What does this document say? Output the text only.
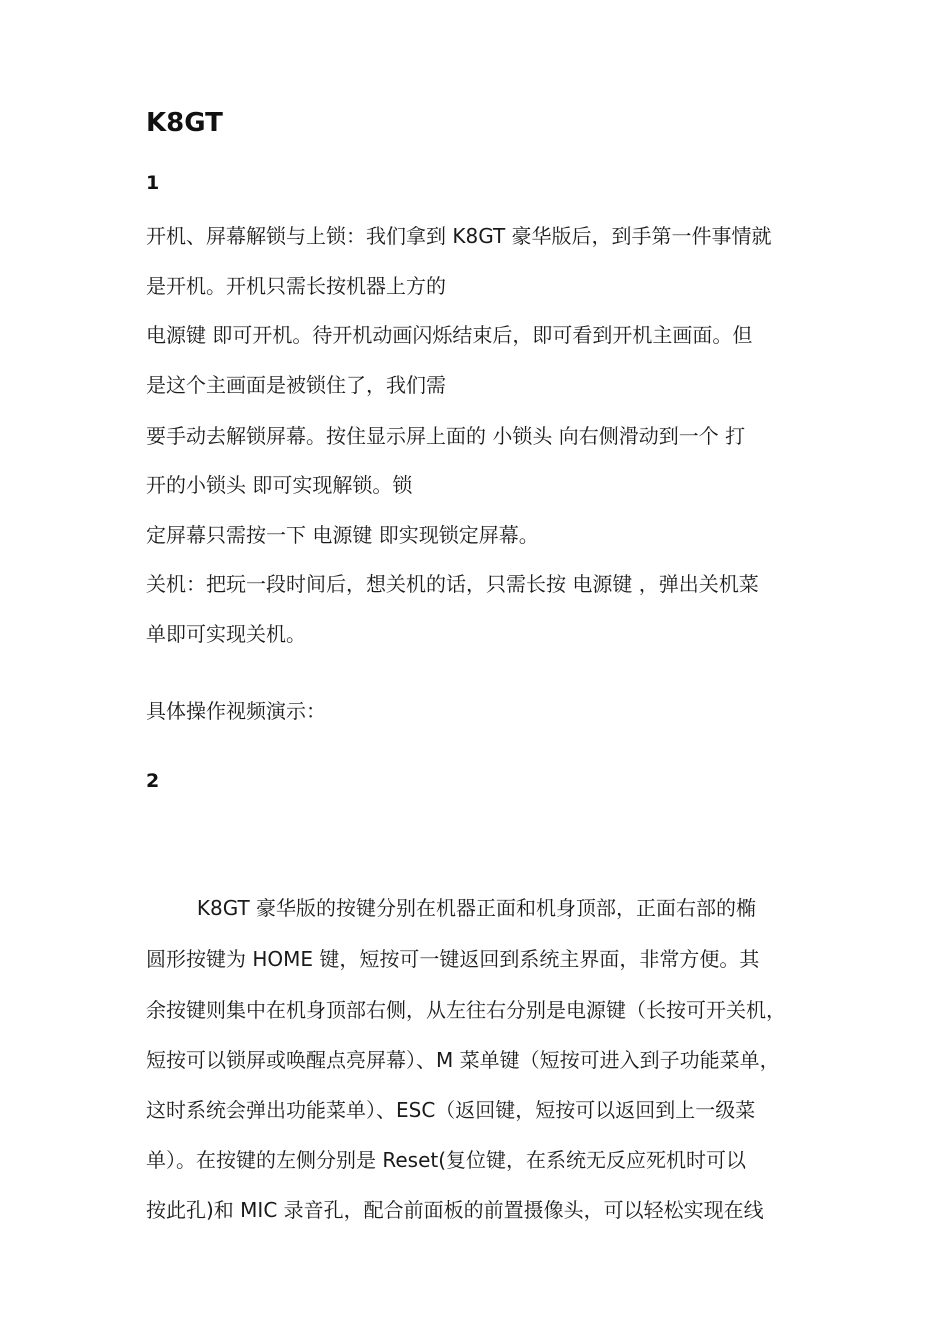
K8GT
1

开机、屏幕解锁与上锁：我们拿到 K8GT 豪华版后，到手第一件事情就

是开机。开机只需长按机器上方的

电源键 即可开机。待开机动画闪烁结束后，即可看到开机主画面。但

是这个主画面是被锁住了，我们需

要手动去解锁屏幕。按住显示屏上面的 小锁头 向右侧滑动到一个 打

开的小锁头 即可实现解锁。锁

定屏幕只需按一下 电源键 即实现锁定屏幕。

关机：把玩一段时间后，想关机的话，只需长按 电源键 ，弹出关机菜

单即可实现关机。

具体操作视频演示：

2

K8GT 豪华版的按键分别在机器正面和机身顶部，正面右部的椭

圆形按键为 HOME 键，短按可一键返回到系统主界面，非常方便。其

余按键则集中在机身顶部右侧，从左往右分别是电源键（长按可开关机，

短按可以锁屏或唤醒点亮屏幕）、M 菜单键（短按可进入到子功能菜单，

这时系统会弹出功能菜单）、ESC（返回键，短按可以返回到上一级菜

单）。在按键的左侧分别是 Reset(复位键，在系统无反应死机时可以

按此孔)和 MIC 录音孔，配合前面板的前置摄像头，可以轻松实现在线
